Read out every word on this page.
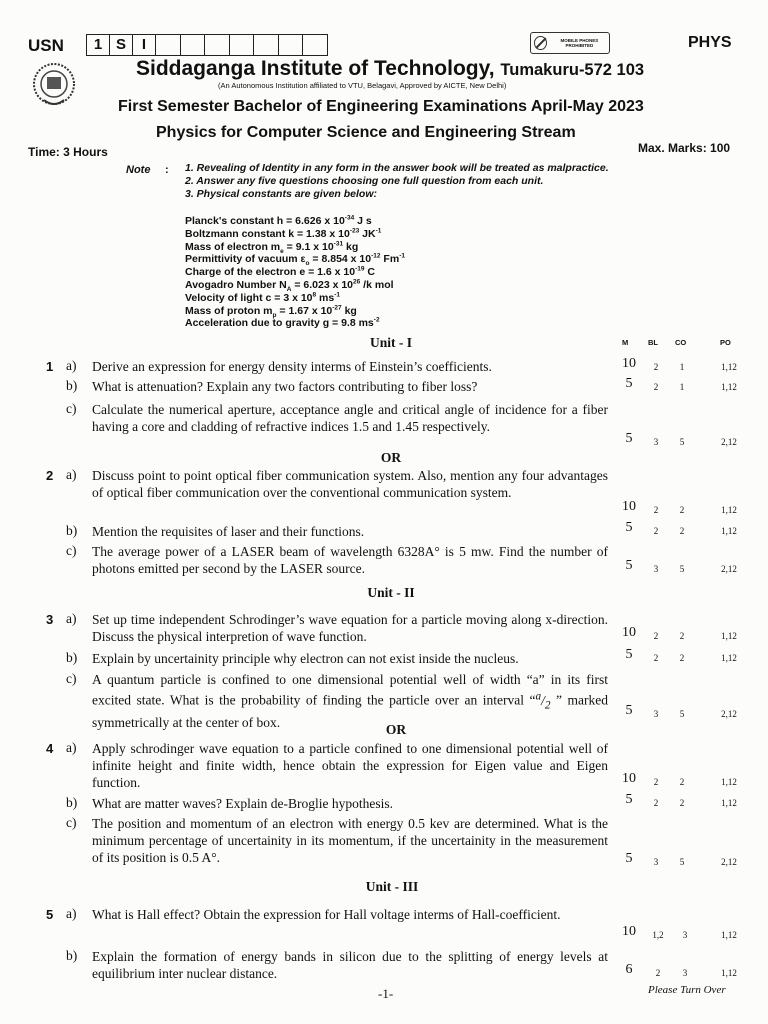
USN	1 S	I	MOBILE PHONES PROHIBITED	PHYS
Siddaganga Institute of Technology, Tumakuru-572 103
(An Autonomous Institution affiliated to VTU, Belagavi, Approved by AICTE, New Delhi)
First Semester Bachelor of Engineering Examinations April-May 2023
Physics for Computer Science and Engineering Stream
Time: 3 Hours	Max. Marks: 100
Note : 1. Revealing of Identity in any form in the answer book will be treated as malpractice.
2. Answer any five questions choosing one full question from each unit.
3. Physical constants are given below:
Planck's constant h = 6.626 x $10^{-34}$ J s
Boltzmann constant k = 1.38 x $10^{-23}$ $JK^{-1}$
Mass of electron $m_e = 9.1$ x $10^{-31}$ kg
Permittivity of vacuum $\varepsilon_o = 8.854$ x $10^{-12}$ $Fm^{-1}$
Charge of the electron e = 1.6 x $10^{-19}$ C
Avogadro Number $N_A = 6.023$ x $10^{26}$ /k mol
Velocity of light c = 3 x $10^8$ $ms^{-1}$
Mass of proton $m_p = 1.67$ x $10^{-27}$ kg
Acceleration due to gravity g = 9.8 $ms^{-2}$
M	BL CO	PO
Unit - I
1 a) Derive an expression for energy density interms of Einstein’s coefficients.	10	2	1	1,12
b) What is attenuation? Explain any two factors contributing to fiber loss?	5	2	1	1,12
c) Calculate the numerical aperture, acceptance angle and critical angle of incidence for a fiber having a core and cladding of refractive indices 1.5 and 1.45 respectively.
5	3	5	2,12
OR
2 a) Discuss point to point optical fiber communication system. Also, mention any four advantages of optical fiber communication over the conventional communication system.
10	2	2	1,12
b) Mention the requisites of laser and their functions.	5	2	2	1,12
c) The average power of a LASER beam of wavelength 6328A° is 5 mw. Find the number of photons emitted per second by the LASER source.	5	3	5	2,12
Unit - II
3 a) Set up time independent Schrodinger’s wave equation for a particle moving along x-direction. Discuss the physical interpretion of wave function.	10	2	2	1,12
b) Explain by uncertainity principle why electron can not exist inside the nucleus.	5	2	2	1,12
c) A quantum particle is confined to one dimensional potential well of width “a” in its first excited state. What is the probability of finding the particle over an interval “$^a/_2$ ” marked symmetrically at the center of box.
5	3	5	2,12
OR
4 a) Apply schrodinger wave equation to a particle confined to one dimensional potential well of infinite height and finite width, hence obtain the expression for Eigen value and Eigen function.	10	2	2	1,12
b) What are matter waves? Explain de-Broglie hypothesis.	5	2	2	1,12
c) The position and momentum of an electron with energy 0.5 kev are determined. What is the minimum percentage of uncertainity in its momentum, if the uncertainity in the measurement of its position is 0.5 A°.	5	3	5	2,12
Unit - III
5 a) What is Hall effect? Obtain the expression for Hall voltage interms of Hall-coefficient.
10	1,2	3	1,12
b) Explain the formation of energy bands in silicon due to the splitting of energy levels at equilibrium inter nuclear distance.	6	2	3	1,12
-1-	Please Turn Over
